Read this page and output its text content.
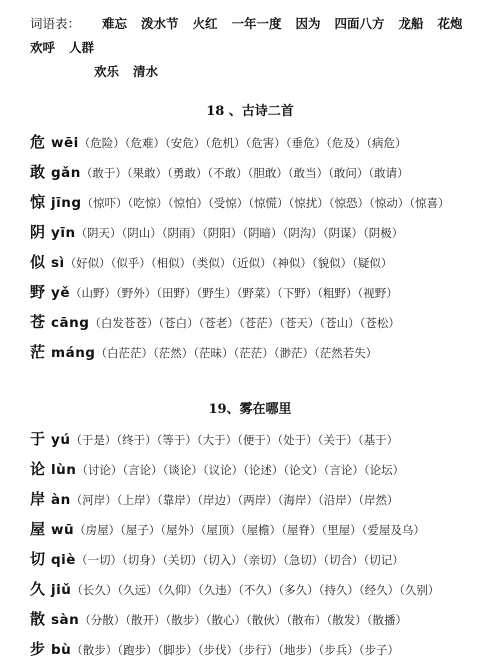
词语表： 难忘 泼水节 火红 一年一度 因为 四面八方 龙船 花炮 欢呼 人群
欢乐 清水
18 、古诗二首
危 wēi（危险）（危难）（安危）（危机）（危害）（垂危）（危及）（病危）
敢 gǎn（敢于）（果敢）（勇敢）（不敢）（胆敢）（敢当）（敢问）（敢请）
惊 jīng（惊吓）（吃惊）（惊怕）（受惊）（惊慌）（惊扰）（惊恐）（惊动）（惊喜）
阴 yīn（阴天）（阴山）（阴雨）（阴阳）（阴暗）（阴沟）（阴谋）（阴极）
似 sì（好似）（似乎）（相似）（类似）（近似）（神似）（貌似）（疑似）
野 yě（山野）（野外）（田野）（野生）（野菜）（下野）（粗野）（视野）
苍 cāng（白发苍苍）（苍白）（苍老）（苍茫）（苍天）（苍山）（苍松）
茫 máng（白茫茫）（茫然）（茫昧）（茫茫）（渺茫）（茫然若失）
19、雾在哪里
于 yú（于是）（终于）（等于）（大于）（便于）（处于）（关于）（基于）
论 lùn（讨论）（言论）（谈论）（议论）（论述）（论文）（言论）（论坛）
岸 àn（河岸）（上岸）（靠岸）（岸边）（两岸）（海岸）（沿岸）（岸然）
屋 wū（房屋）（屋子）（屋外）（屋顶）（屋檐）（屋脊）（里屋）（爱屋及乌）
切 qiè（一切）（切身）（关切）（切入）（亲切）（急切）（切合）（切记）
久 jiǔ（长久）（久远）（久仰）（久违）（不久）（多久）（持久）（经久）（久别）
散 sàn（分散）（散开）（散步）（散心）（散伙）（散布）（散发）（散播）
步 bù（散步）（跑步）（脚步）（步伐）（步行）（地步）（步兵）（步子）
